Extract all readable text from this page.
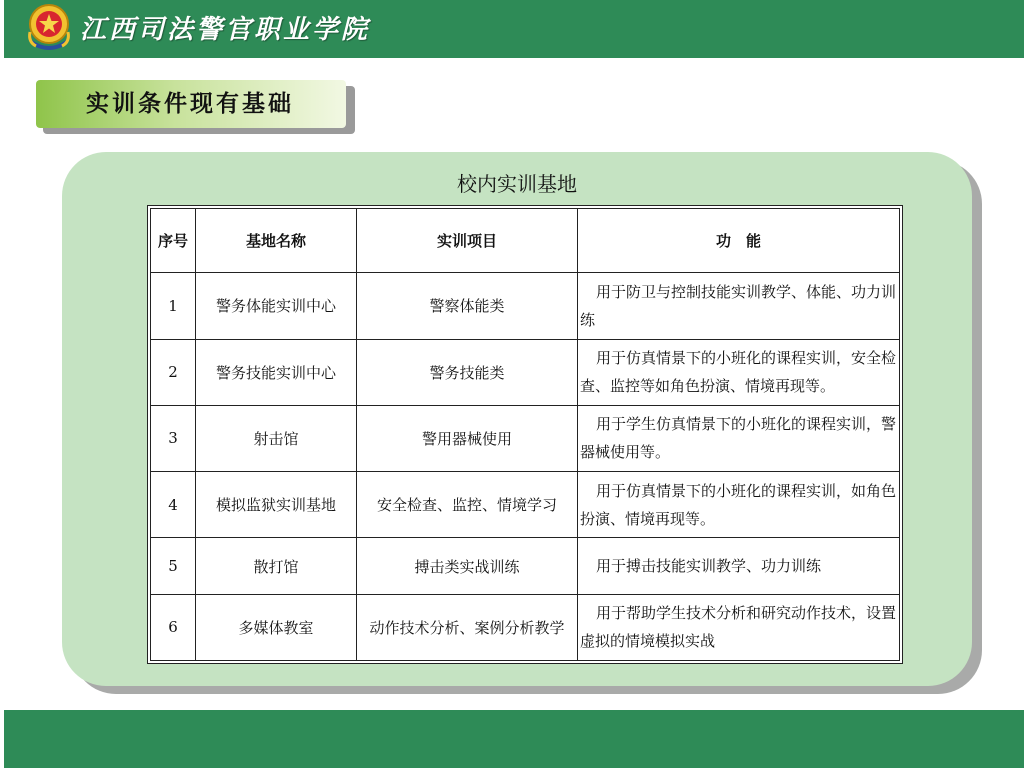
江西司法警官职业学院
实训条件现有基础
校内实训基地
序号	基地名称	实训项目	功　能
1	警务体能实训中心	警察体能类	用于防卫与控制技能实训教学、体能、功力训练
2	警务技能实训中心	警务技能类	用于仿真情景下的小班化的课程实训，安全检查、监控等如角色扮演、情境再现等。
3	射击馆	警用器械使用	用于学生仿真情景下的小班化的课程实训，警器械使用等。
4	模拟监狱实训基地	安全检查、监控、情境学习	用于仿真情景下的小班化的课程实训，如角色扮演、情境再现等。
5	散打馆	搏击类实战训练	用于搏击技能实训教学、功力训练
6	多媒体教室	动作技术分析、案例分析教学	用于帮助学生技术分析和研究动作技术，设置虚拟的情境模拟实战
